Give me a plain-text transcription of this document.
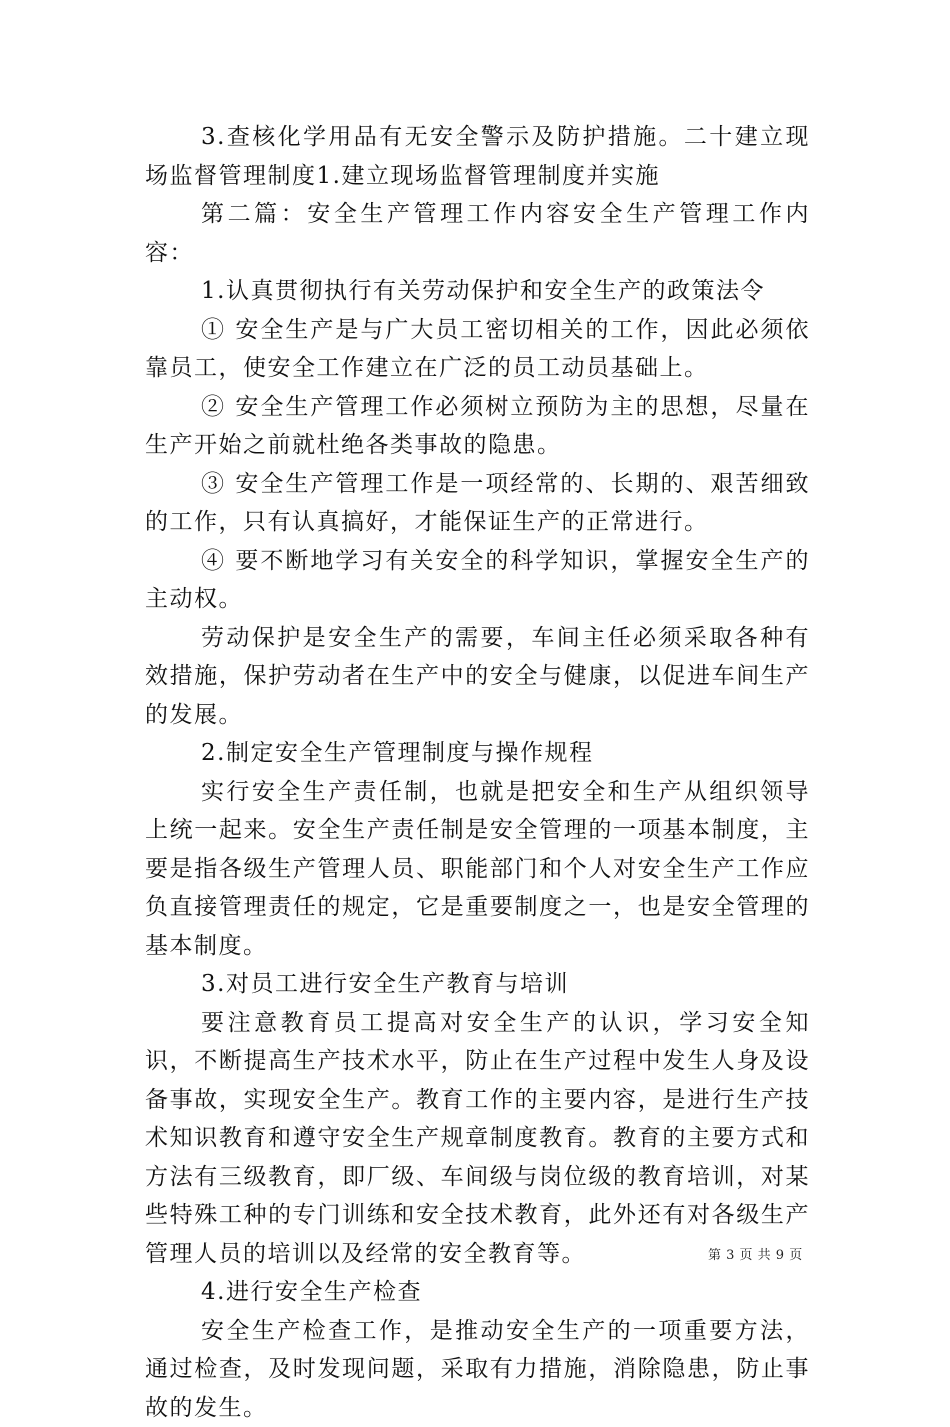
3.查核化学用品有无安全警示及防护措施。二十建立现场监督管理制度1.建立现场监督管理制度并实施

第二篇：安全生产管理工作内容安全生产管理工作内容：

1.认真贯彻执行有关劳动保护和安全生产的政策法令

① 安全生产是与广大员工密切相关的工作，因此必须依靠员工，使安全工作建立在广泛的员工动员基础上。

② 安全生产管理工作必须树立预防为主的思想，尽量在生产开始之前就杜绝各类事故的隐患。

③ 安全生产管理工作是一项经常的、长期的、艰苦细致的工作，只有认真搞好，才能保证生产的正常进行。

④ 要不断地学习有关安全的科学知识，掌握安全生产的主动权。

劳动保护是安全生产的需要，车间主任必须采取各种有效措施，保护劳动者在生产中的安全与健康，以促进车间生产的发展。

2.制定安全生产管理制度与操作规程

实行安全生产责任制，也就是把安全和生产从组织领导上统一起来。安全生产责任制是安全管理的一项基本制度，主要是指各级生产管理人员、职能部门和个人对安全生产工作应负直接管理责任的规定，它是重要制度之一，也是安全管理的基本制度。

3.对员工进行安全生产教育与培训

要注意教育员工提高对安全生产的认识，学习安全知识，不断提高生产技术水平，防止在生产过程中发生人身及设备事故，实现安全生产。教育工作的主要内容，是进行生产技术知识教育和遵守安全生产规章制度教育。教育的主要方式和方法有三级教育，即厂级、车间级与岗位级的教育培训，对某些特殊工种的专门训练和安全技术教育，此外还有对各级生产管理人员的培训以及经常的安全教育等。

4.进行安全生产检查

安全生产检查工作，是推动安全生产的一项重要方法，通过检查，及时发现问题，采取有力措施，消除隐患，防止事故的发生。

第 3 页 共 9 页
